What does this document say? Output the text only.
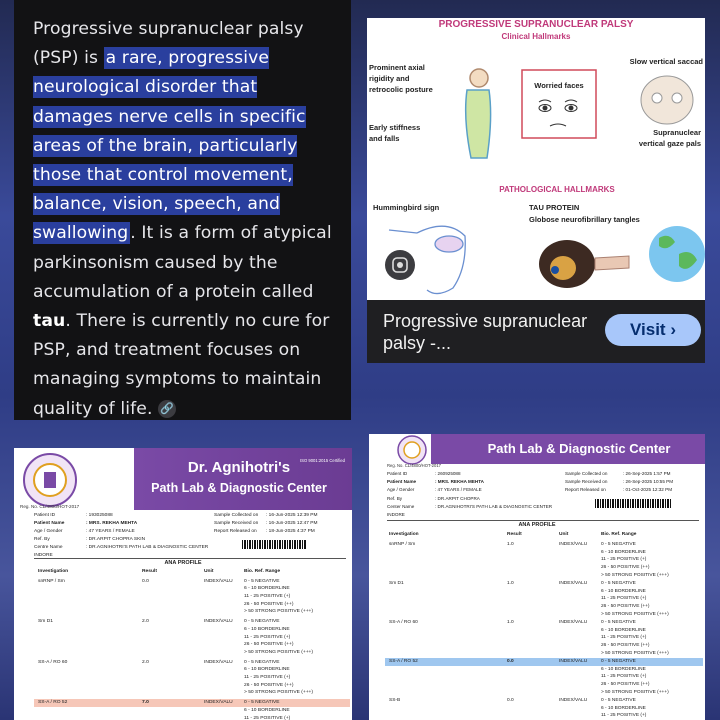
Progressive supranuclear palsy (PSP) is a rare, progressive neurological disorder that damages nerve cells in specific areas of the brain, particularly those that control movement, balance, vision, speech, and swallowing . It is a form of atypical parkinsonism caused by the accumulation of a protein called tau. There is currently no cure for PSP, and treatment focuses on managing symptoms to maintain quality of life. 🔗
PROGRESSIVE SUPRANUCLEAR PALSY
Clinical Hallmarks
Prominent axial rigidity and retrocolic posture	Worried faces
Slow vertical saccad
Early stiffness and falls
Supranuclear vertical gaze pals
PATHOLOGICAL HALLMARKS
Hummingbird sign	TAU PROTEIN
Globose neurofibrillary tangles
Progressive supranuclear palsy -...
Visit ›
ISO 9001:2015 Certified
Dr. Agnihotri's
Path Lab & Diagnostic Center
Reg. No. CL/4800/HOT-2017
Patient ID	: 193025088
Patient Name	: MRS. REKHA MEHTA
Age / Gender	: 47 YEARS / FEMALE
Ref. By	: DR.ARPIT CHOPRA SKIN
Centre Name	: DR.AGNIHOTRI'S PATH LAB & DIAGNOSTIC CENTER INDORE
Sample Collected on : 16-Jun-2025 12:39 PM
Sample Received on : 16-Jun-2025 12:47 PM
Report Released on : 18-Jun-2025 4:37 PM
ANA PROFILE
Investigation	Result	Unit	Bio. Ref. Range
snRNP / Sm	0.0	INDEX/VALU	0 - 5 NEGATIVE
6 - 10 BORDERLINE
11 - 25 POSITIVE (+)
26 - 50 POSITIVE (++)
> 50 STRONG POSITIVE (+++)
Sm D1	2.0	INDEX/VALU	0 - 5 NEGATIVE
6 - 10 BORDERLINE
11 - 25 POSITIVE (+)
26 - 50 POSITIVE (++)
> 50 STRONG POSITIVE (+++)
SS-A / RO 60	2.0	INDEX/VALU	0 - 5 NEGATIVE
6 - 10 BORDERLINE
11 - 25 POSITIVE (+)
26 - 50 POSITIVE (++)
> 50 STRONG POSITIVE (+++)
SS-A / RO 52	7.0	INDEX/VALU	0 - 5 NEGATIVE
6 - 10 BORDERLINE
11 - 25 POSITIVE (+)
Path Lab & Diagnostic Center
Reg. No. CL/4800/HOT-2017
Patient ID	: 260925088
Patient Name	: MRS. REKHA MEHTA
Age / Gender	: 47 YEARS / FEMALE
Ref. By	: DR.ARPIT CHOPRA
Center Name	: DR.AGNIHOTRI'S PATH LAB & DIAGNOSTIC CENTER INDORE
Sample Collected on	: 26-Sep-2025 1:57 PM
Sample Received on	: 26-Sep-2025 10:55 PM
Report Released on	: 01-Oct-2025 12:32 PM
ANA PROFILE
Investigation	Result	Unit	Bio. Ref. Range
snRNP / Sm	1.0	INDEX/VALU	0 - 5 NEGATIVE
6 - 10 BORDERLINE
11 - 25 POSITIVE (+)
26 - 50 POSITIVE (++)
> 50 STRONG POSITIVE (+++)
Sm D1	1.0	INDEX/VALU	0 - 5 NEGATIVE
6 - 10 BORDERLINE
11 - 25 POSITIVE (+)
26 - 50 POSITIVE (++)
> 50 STRONG POSITIVE (+++)
SS-A / RO 60	1.0	INDEX/VALU	0 - 5 NEGATIVE
6 - 10 BORDERLINE
11 - 25 POSITIVE (+)
26 - 50 POSITIVE (++)
> 50 STRONG POSITIVE (+++)
SS-A / RO 52	0.0	INDEX/VALU	0 - 5 NEGATIVE
6 - 10 BORDERLINE
11 - 25 POSITIVE (+)
26 - 50 POSITIVE (++)
> 50 STRONG POSITIVE (+++)
SS-B	0.0	INDEX/VALU	0 - 5 NEGATIVE
6 - 10 BORDERLINE
11 - 25 POSITIVE (+)
